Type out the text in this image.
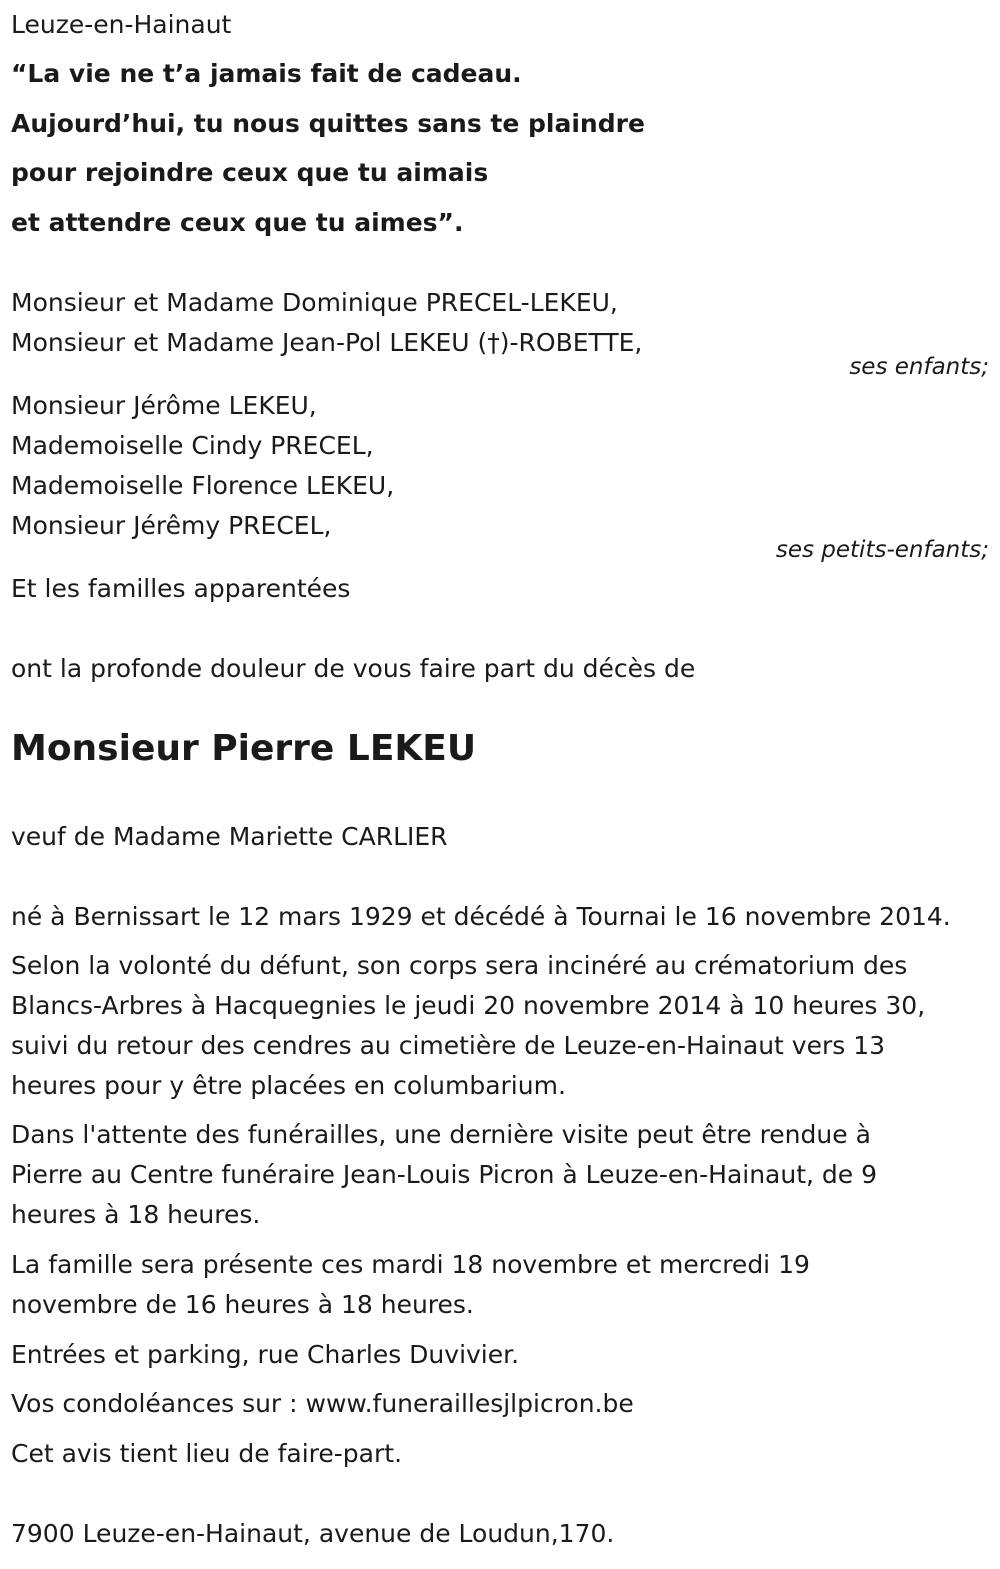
Leuze-en-Hainaut
“La vie ne t’a jamais fait de cadeau.
Aujourd’hui, tu nous quittes sans te plaindre
pour rejoindre ceux que tu aimais
et attendre ceux que tu aimes”.
Monsieur et Madame Dominique PRECEL-LEKEU,
Monsieur et Madame Jean-Pol LEKEU (†)-ROBETTE,
ses enfants;
Monsieur Jérôme LEKEU,
Mademoiselle Cindy PRECEL,
Mademoiselle Florence LEKEU,
Monsieur Jérêmy PRECEL,
ses petits-enfants;
Et les familles apparentées
ont la profonde douleur de vous faire part du décès de
Monsieur Pierre LEKEU
veuf de Madame Mariette CARLIER
né à Bernissart le 12 mars 1929 et décédé à Tournai le 16 novembre 2014.
Selon la volonté du défunt, son corps sera incinéré au crématorium des
Blancs-Arbres à Hacquegnies le jeudi 20 novembre 2014 à 10 heures 30,
suivi du retour des cendres au cimetière de Leuze-en-Hainaut vers 13
heures pour y être placées en columbarium.
Dans l'attente des funérailles, une dernière visite peut être rendue à
Pierre au Centre funéraire Jean-Louis Picron à Leuze-en-Hainaut, de 9
heures à 18 heures.
La famille sera présente ces mardi 18 novembre et mercredi 19
novembre de 16 heures à 18 heures.
Entrées et parking, rue Charles Duvivier.
Vos condoléances sur : www.funeraillesjlpicron.be
Cet avis tient lieu de faire-part.
7900 Leuze-en-Hainaut, avenue de Loudun,170.
